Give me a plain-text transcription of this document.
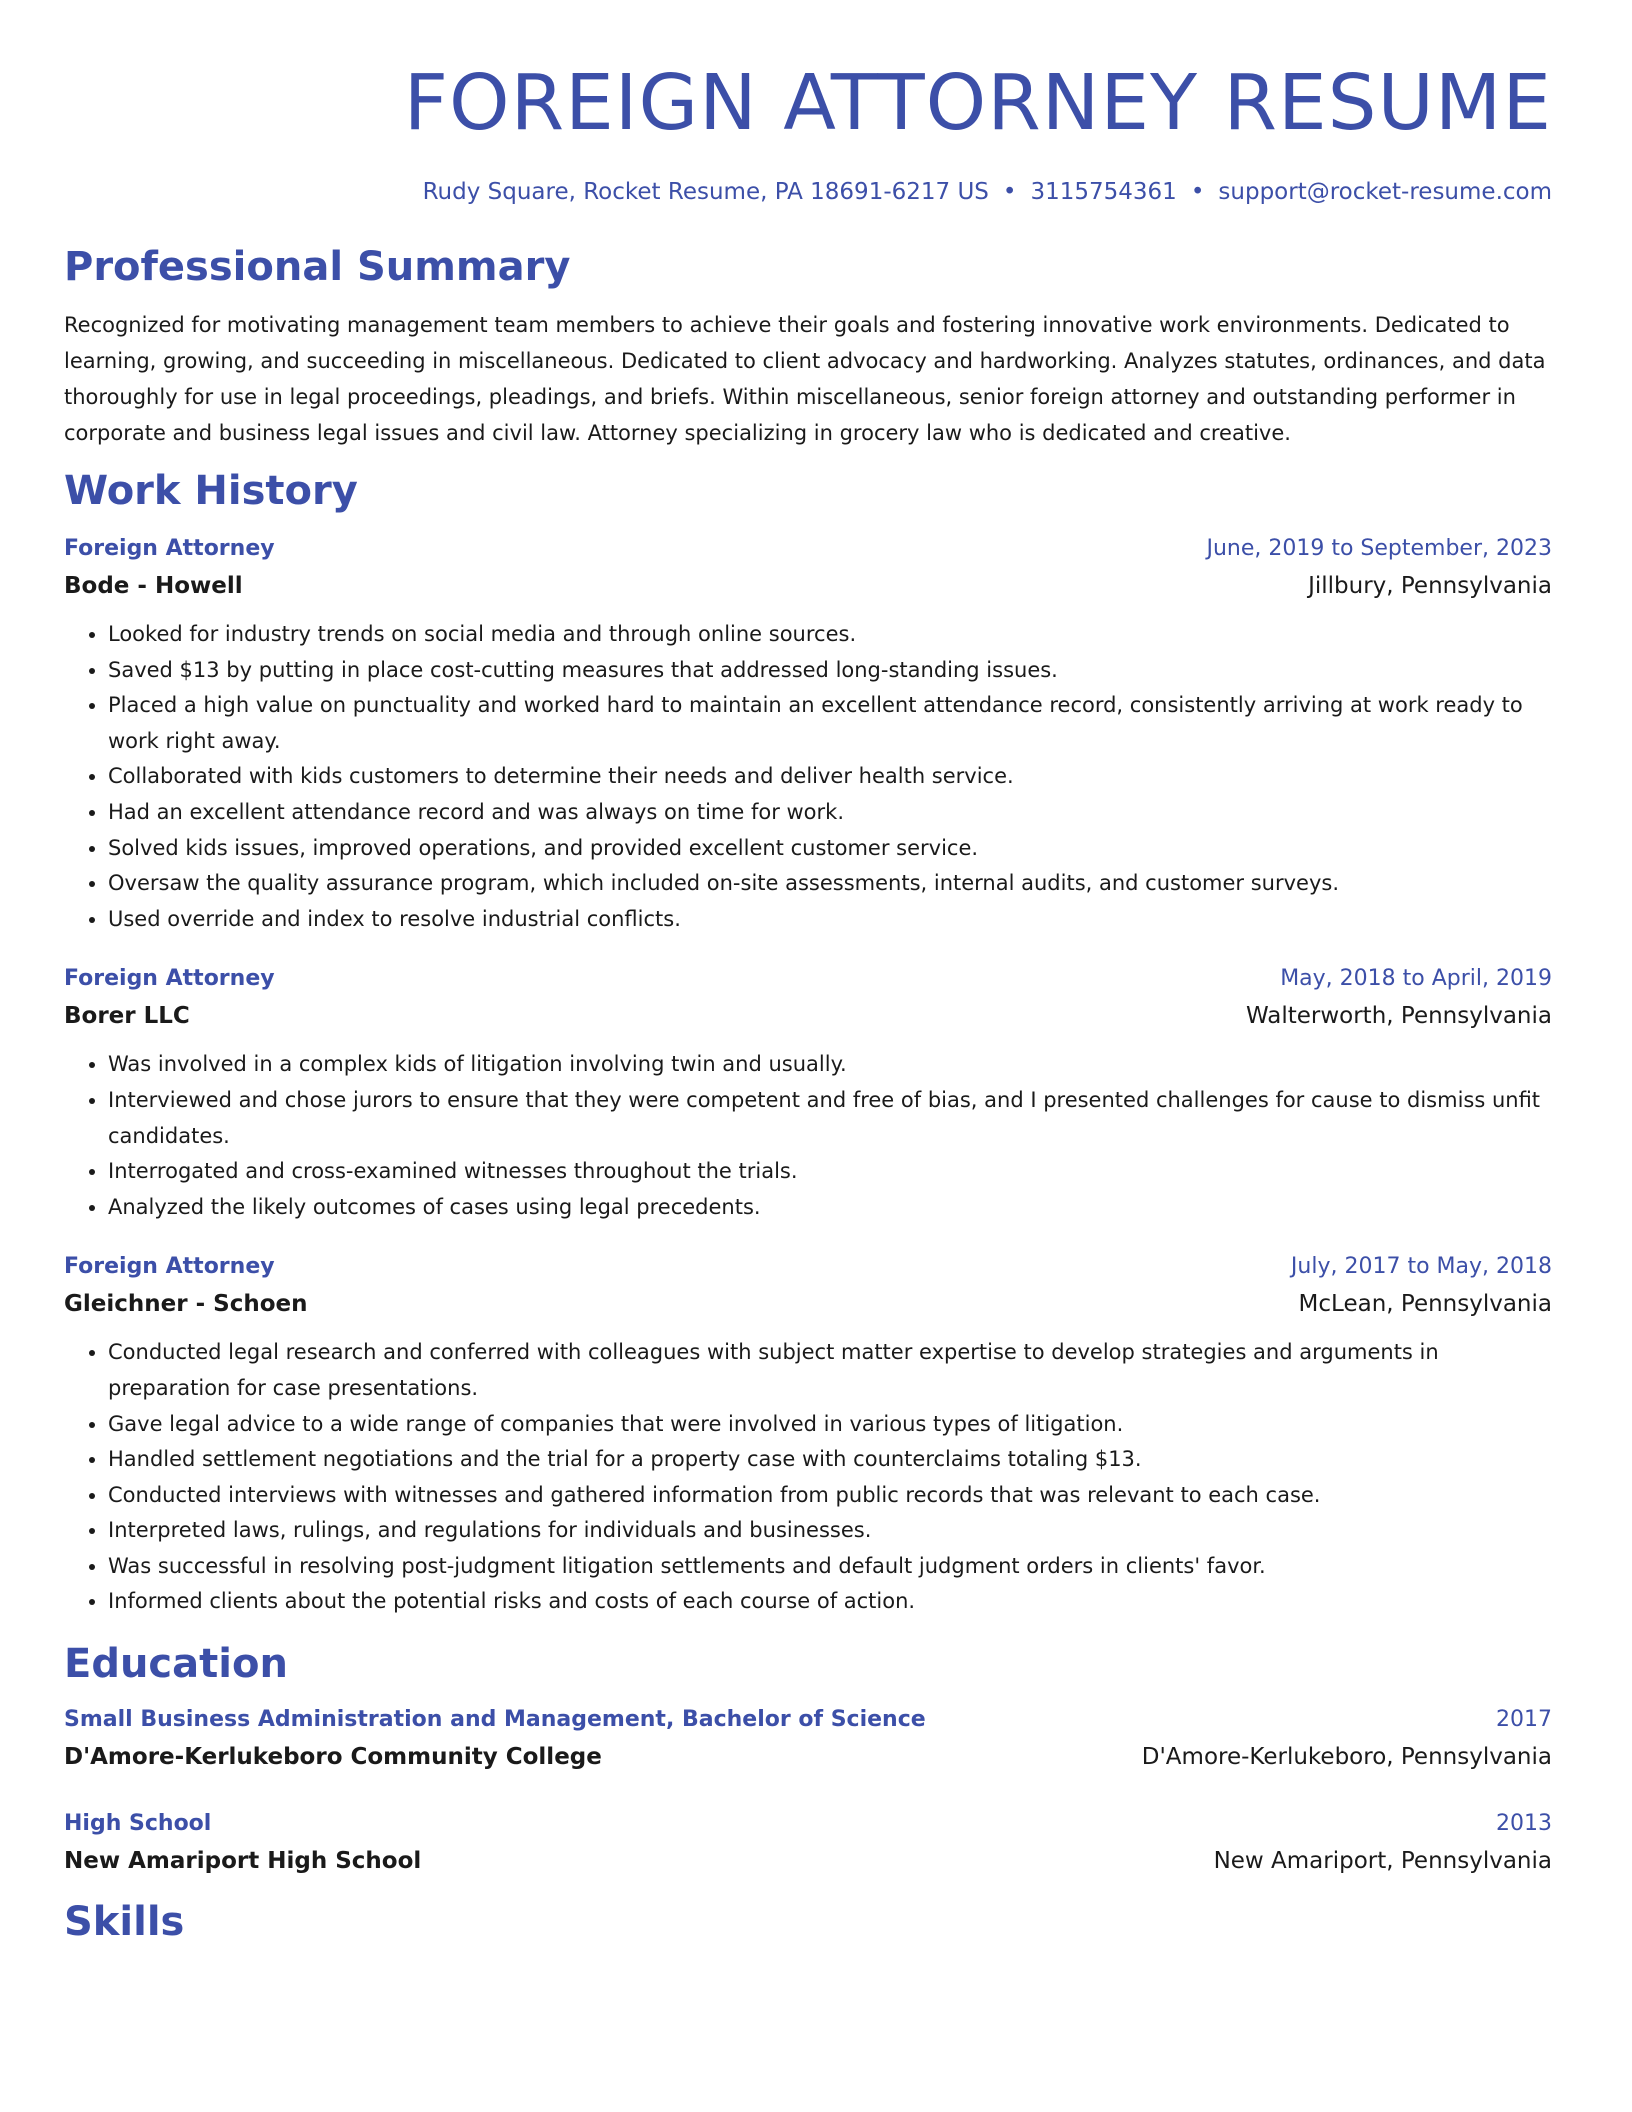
FOREIGN ATTORNEY RESUME
Rudy Square, Rocket Resume, PA 18691-6217 US • 3115754361 • support@rocket-resume.com
Professional Summary

Recognized for motivating management team members to achieve their goals and fostering innovative work environments. Dedicated to learning, growing, and succeeding in miscellaneous. Dedicated to client advocacy and hardworking. Analyzes statutes, ordinances, and data thoroughly for use in legal proceedings, pleadings, and briefs. Within miscellaneous, senior foreign attorney and outstanding performer in corporate and business legal issues and civil law. Attorney specializing in grocery law who is dedicated and creative.

Work History
Foreign Attorney	June, 2019 to September, 2023
Bode - Howell	Jillbury, Pennsylvania
• Looked for industry trends on social media and through online sources.
• Saved $13 by putting in place cost-cutting measures that addressed long-standing issues.
• Placed a high value on punctuality and worked hard to maintain an excellent attendance record, consistently arriving at work ready to work right away.
• Collaborated with kids customers to determine their needs and deliver health service.
• Had an excellent attendance record and was always on time for work.
• Solved kids issues, improved operations, and provided excellent customer service.
• Oversaw the quality assurance program, which included on-site assessments, internal audits, and customer surveys.
• Used override and index to resolve industrial conflicts.
Foreign Attorney	May, 2018 to April, 2019
Borer LLC	Walterworth, Pennsylvania
• Was involved in a complex kids of litigation involving twin and usually.
• Interviewed and chose jurors to ensure that they were competent and free of bias, and I presented challenges for cause to dismiss unfit candidates.
• Interrogated and cross-examined witnesses throughout the trials.
• Analyzed the likely outcomes of cases using legal precedents.
Foreign Attorney	July, 2017 to May, 2018
Gleichner - Schoen	McLean, Pennsylvania
• Conducted legal research and conferred with colleagues with subject matter expertise to develop strategies and arguments in preparation for case presentations.
• Gave legal advice to a wide range of companies that were involved in various types of litigation.
• Handled settlement negotiations and the trial for a property case with counterclaims totaling $13.
• Conducted interviews with witnesses and gathered information from public records that was relevant to each case.
• Interpreted laws, rulings, and regulations for individuals and businesses.
• Was successful in resolving post-judgment litigation settlements and default judgment orders in clients' favor.
• Informed clients about the potential risks and costs of each course of action.
Education
Small Business Administration and Management, Bachelor of Science	2017
D'Amore-Kerlukeboro Community College	D'Amore-Kerlukeboro, Pennsylvania
High School	2013
New Amariport High School	New Amariport, Pennsylvania
Skills
